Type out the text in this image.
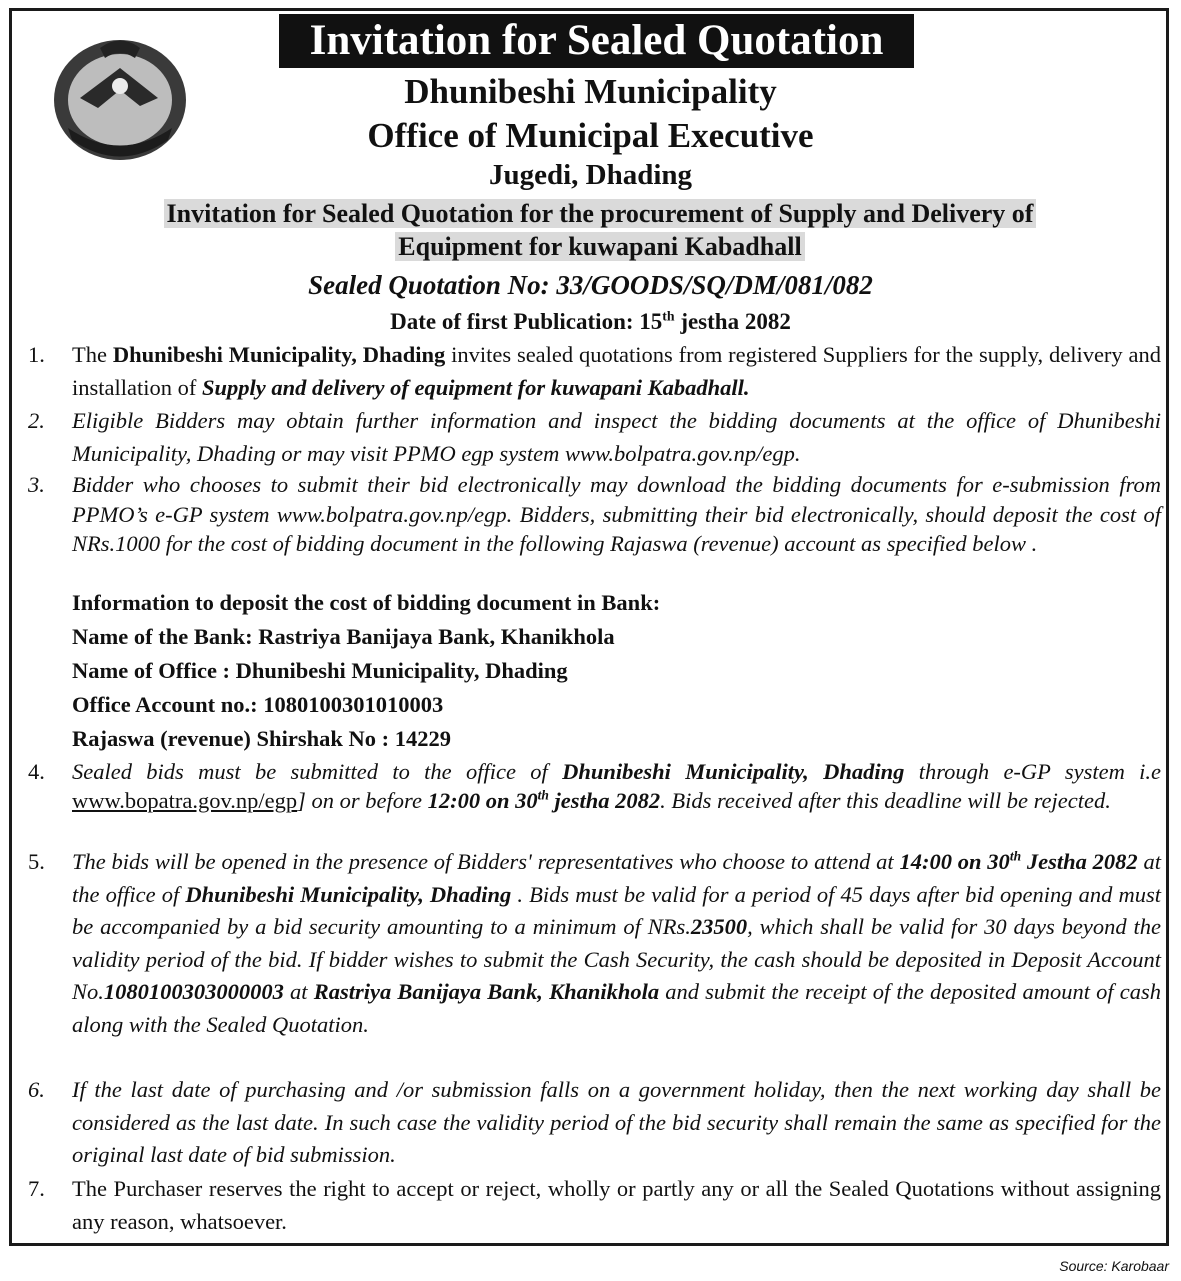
Invitation for Sealed Quotation
Dhunibeshi Municipality
Office of Municipal Executive
Jugedi, Dhading
Invitation for Sealed Quotation for the procurement of Supply and Delivery of
Equipment for kuwapani Kabadhall
Sealed Quotation No: 33/GOODS/SQ/DM/081/082
Date of first Publication: 15th jestha 2082
1. The Dhunibeshi Municipality, Dhading invites sealed quotations from registered Suppliers for the supply, delivery and installation of Supply and delivery of equipment for kuwapani Kabadhall.
2. Eligible Bidders may obtain further information and inspect the bidding documents at the office of Dhunibeshi Municipality, Dhading or may visit PPMO egp system www.bolpatra.gov.np/egp.
3. Bidder who chooses to submit their bid electronically may download the bidding documents for e-submission from PPMO’s e-GP system www.bolpatra.gov.np/egp. Bidders, submitting their bid electronically, should deposit the cost of NRs.1000 for the cost of bidding document in the following Rajaswa (revenue) account as specified below .
Information to deposit the cost of bidding document in Bank:
Name of the Bank: Rastriya Banijaya Bank, Khanikhola
Name of Office : Dhunibeshi Municipality, Dhading
Office Account no.: 1080100301010003
Rajaswa (revenue) Shirshak No : 14229
4. Sealed bids must be submitted to the office of Dhunibeshi Municipality, Dhading through e-GP system i.e www.bopatra.gov.np/egp] on or before 12:00 on 30th jestha 2082. Bids received after this deadline will be rejected.
5. The bids will be opened in the presence of Bidders' representatives who choose to attend at 14:00 on 30th Jestha 2082 at the office of Dhunibeshi Municipality, Dhading . Bids must be valid for a period of 45 days after bid opening and must be accompanied by a bid security amounting to a minimum of NRs.23500, which shall be valid for 30 days beyond the validity period of the bid. If bidder wishes to submit the Cash Security, the cash should be deposited in Deposit Account No.1080100303000003 at Rastriya Banijaya Bank, Khanikhola and submit the receipt of the deposited amount of cash along with the Sealed Quotation.
6. If the last date of purchasing and /or submission falls on a government holiday, then the next working day shall be considered as the last date. In such case the validity period of the bid security shall remain the same as specified for the original last date of bid submission.
7. The Purchaser reserves the right to accept or reject, wholly or partly any or all the Sealed Quotations without assigning any reason, whatsoever.
Source: Karobaar
